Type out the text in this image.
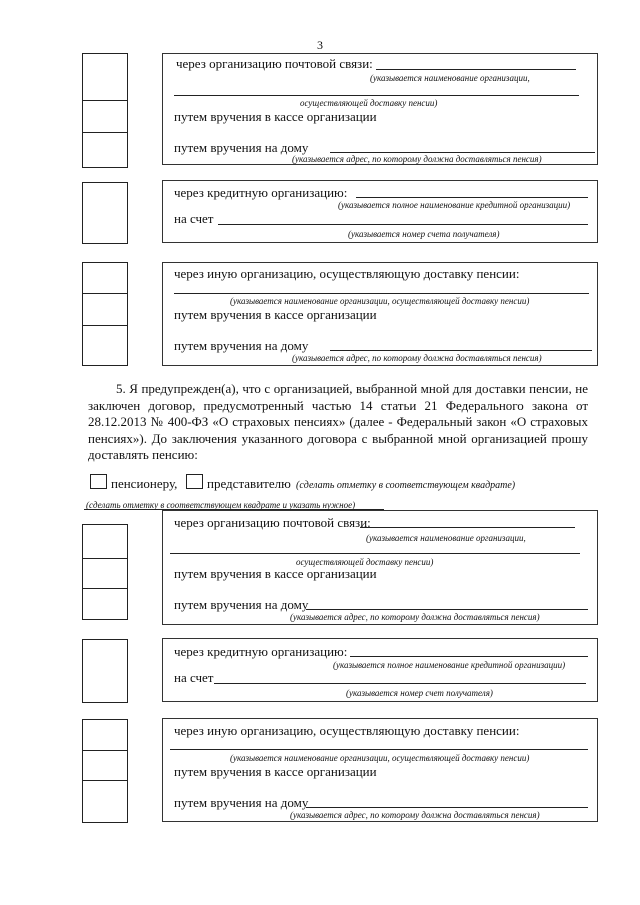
3
через организацию почтовой связи:
(указывается наименование организации,
осуществляющей доставку пенсии)
путем вручения в кассе организации
путем вручения на дому
(указывается адрес, по которому должна доставляться пенсия)
через кредитную организацию:
(указывается полное наименование кредитной организации)
на счет
(указывается номер счета получателя)
через иную организацию, осуществляющую доставку пенсии:
(указывается наименование организации, осуществляющей доставку пенсии)
путем вручения в кассе организации
путем вручения на дому
(указывается адрес, по которому должна доставляться пенсия)
5. Я предупрежден(а), что с организацией, выбранной мной для доставки пенсии, не заключен договор, предусмотренный частью 14 статьи 21 Федерального закона от 28.12.2013 № 400-ФЗ «О страховых пенсиях» (далее - Федеральный закон «О страховых пенсиях»). До заключения указанного договора с выбранной мной организацией прошу доставлять пенсию:
пенсионеру, представителю (сделать отметку в соответствующем квадрате)
(сделать отметку в соответствующем квадрате и указать нужное)
через организацию почтовой связи:
(указывается наименование организации,
осуществляющей доставку пенсии)
путем вручения в кассе организации
путем вручения на дому
(указывается адрес, по которому должна доставляться пенсия)
через кредитную организацию:
(указывается полное наименование кредитной организации)
на счет
(указывается номер счет получателя)
через иную организацию, осуществляющую доставку пенсии:
(указывается наименование организации, осуществляющей доставку пенсии)
путем вручения в кассе организации
путем вручения на дому
(указывается адрес, по которому должна доставляться пенсия)
